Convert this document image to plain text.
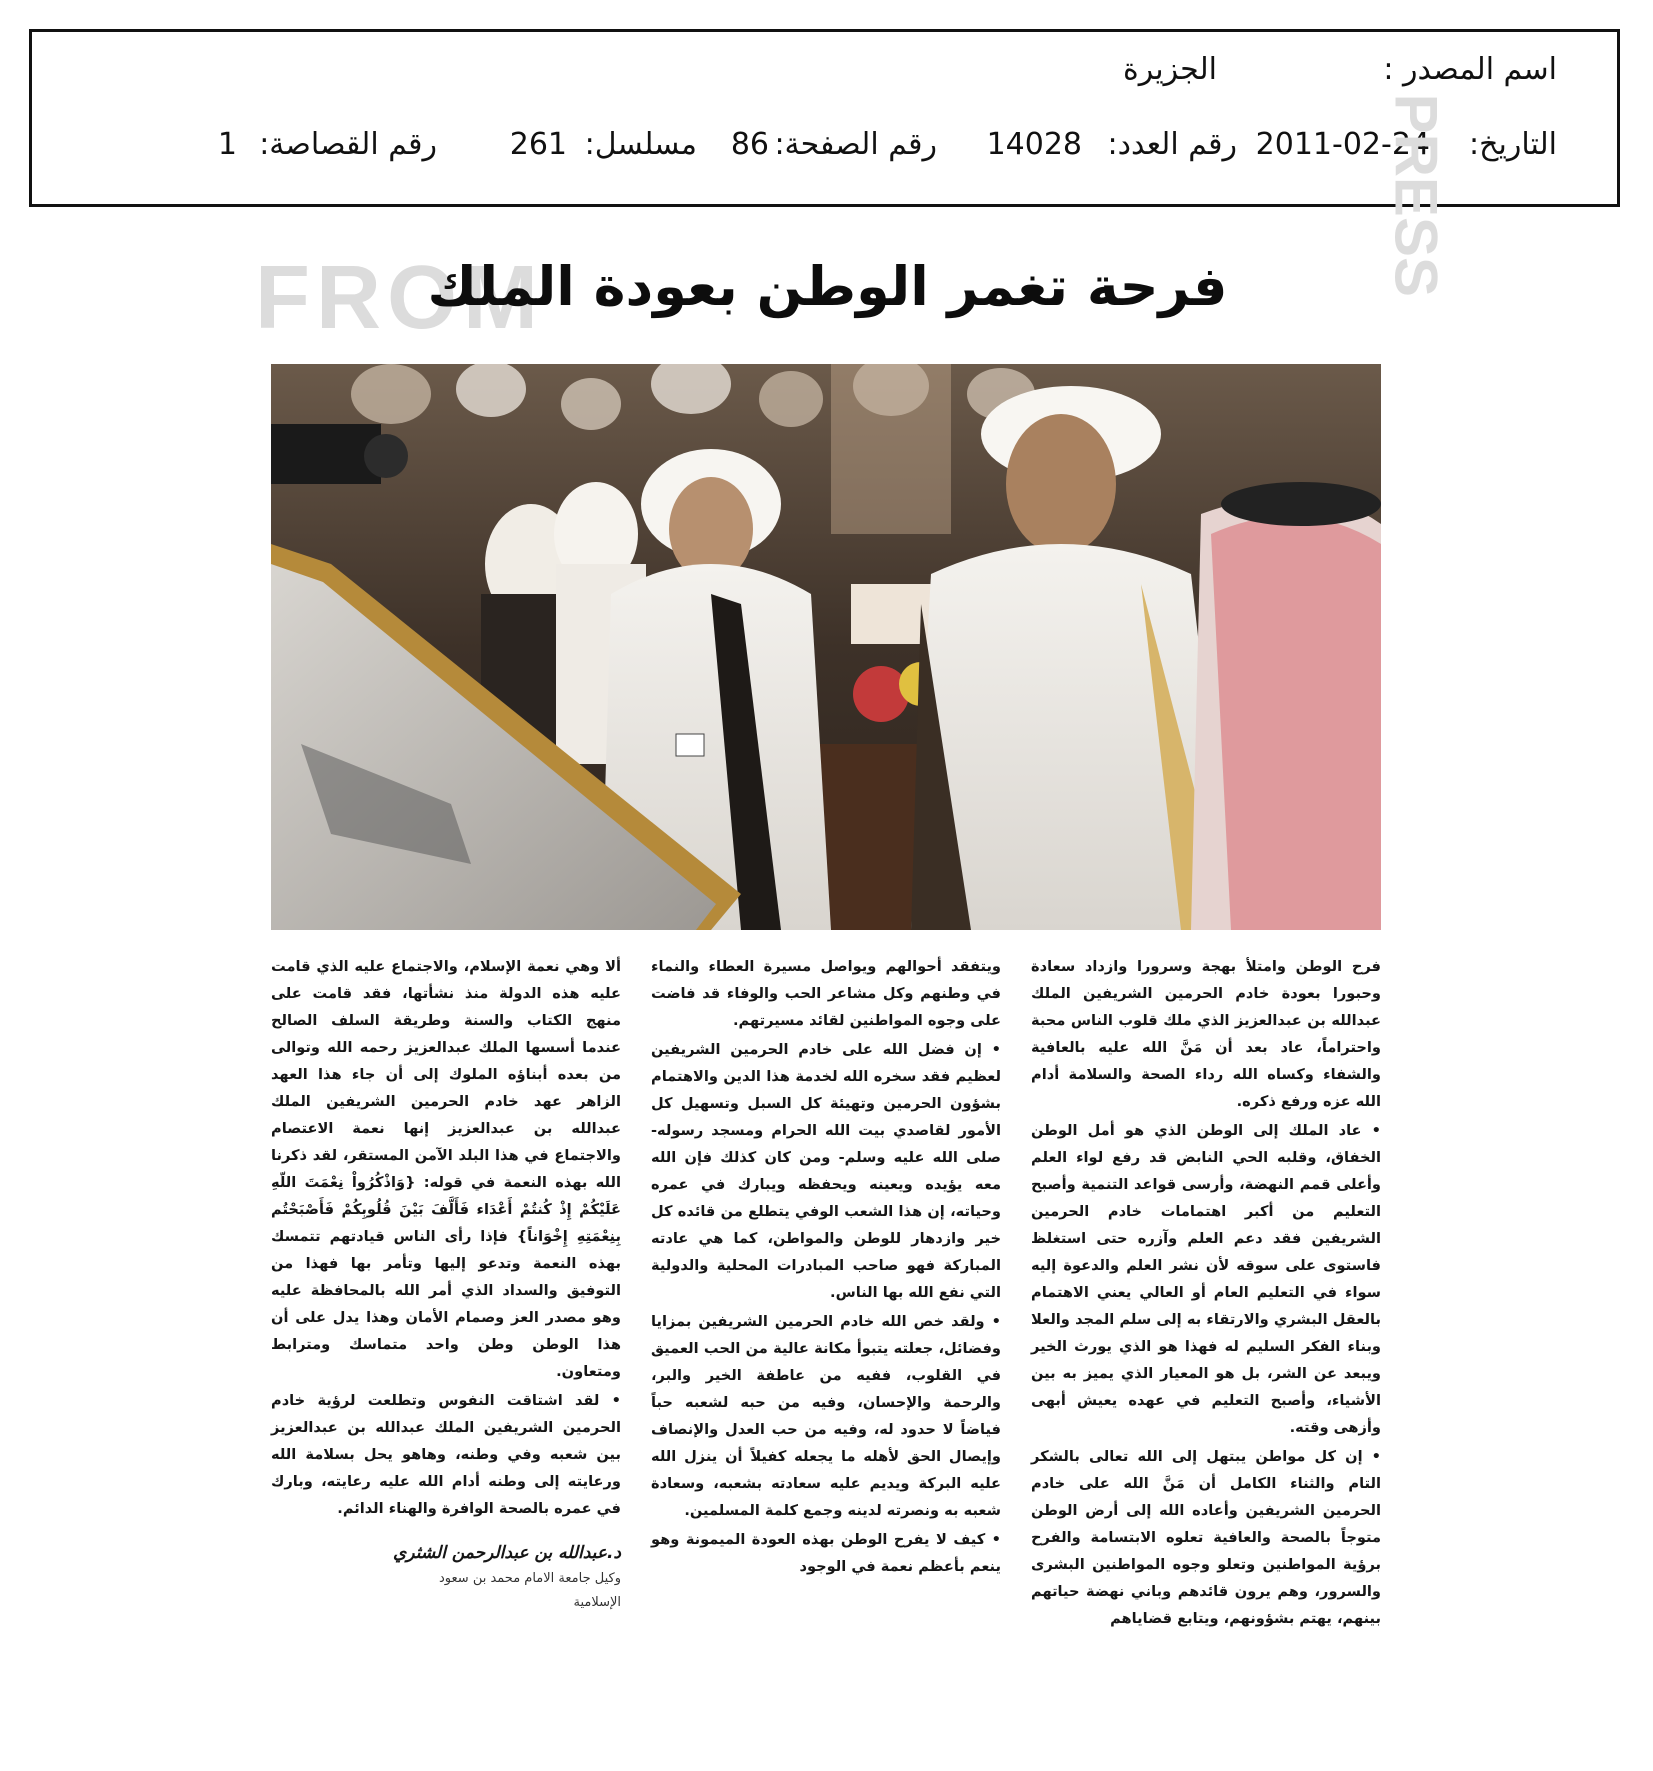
اسم المصدر :
الجزيرة
التاريخ:
2011-02-24
رقم العدد:
14028
رقم الصفحة:
86
مسلسل:
261
رقم القصاصة:
1
FROM
PRESS
فرحة تغمر الوطن بعودة الملك

فرح الوطن وامتلأ بهجة وسرورا وازداد سعادة وحبورا بعودة خادم الحرمين الشريفين الملك عبدالله بن عبدالعزيز الذي ملك قلوب الناس محبة واحتراماً، عاد بعد أن مَنَّ الله عليه بالعافية والشفاء وكساه الله رداء الصحة والسلامة أدام الله عزه ورفع ذكره.

• عاد الملك إلى الوطن الذي هو أمل الوطن الخفاق، وقلبه الحي النابض قد رفع لواء العلم وأعلى قمم النهضة، وأرسى قواعد التنمية وأصبح التعليم من أكبر اهتمامات خادم الحرمين الشريفين فقد دعم العلم وآزره حتى استغلظ فاستوى على سوقه لأن نشر العلم والدعوة إليه سواء في التعليم العام أو العالي يعني الاهتمام بالعقل البشري والارتقاء به إلى سلم المجد والعلا وبناء الفكر السليم له فهذا هو الذي يورث الخير ويبعد عن الشر، بل هو المعيار الذي يميز به بين الأشياء، وأصبح التعليم في عهده يعيش أبهى وأزهى وقته.

• إن كل مواطن يبتهل إلى الله تعالى بالشكر التام والثناء الكامل أن مَنَّ الله على خادم الحرمين الشريفين وأعاده الله إلى أرض الوطن متوجاً بالصحة والعافية تعلوه الابتسامة والفرح برؤية المواطنين وتعلو وجوه المواطنين البشرى والسرور، وهم يرون قائدهم وباني نهضة حياتهم بينهم، يهتم بشؤونهم، ويتابع قضاياهم

ويتفقد أحوالهم ويواصل مسيرة العطاء والنماء في وطنهم وكل مشاعر الحب والوفاء قد فاضت على وجوه المواطنين لقائد مسيرتهم.

• إن فضل الله على خادم الحرمين الشريفين لعظيم فقد سخره الله لخدمة هذا الدين والاهتمام بشؤون الحرمين وتهيئة كل السبل وتسهيل كل الأمور لقاصدي بيت الله الحرام ومسجد رسوله- صلى الله عليه وسلم- ومن كان كذلك فإن الله معه يؤيده ويعينه ويحفظه ويبارك في عمره وحياته، إن هذا الشعب الوفي يتطلع من قائده كل خير وازدهار للوطن والمواطن، كما هي عادته المباركة فهو صاحب المبادرات المحلية والدولية التي نفع الله بها الناس.

• ولقد خص الله خادم الحرمين الشريفين بمزايا وفضائل، جعلته يتبوأ مكانة عالية من الحب العميق في القلوب، ففيه من عاطفة الخير والبر، والرحمة والإحسان، وفيه من حبه لشعبه حباً فياضاً لا حدود له، وفيه من حب العدل والإنصاف وإيصال الحق لأهله ما يجعله كفيلاً أن ينزل الله عليه البركة ويديم عليه سعادته بشعبه، وسعادة شعبه به ونصرته لدينه وجمع كلمة المسلمين.

• كيف لا يفرح الوطن بهذه العودة الميمونة وهو ينعم بأعظم نعمة في الوجود

ألا وهي نعمة الإسلام، والاجتماع عليه الذي قامت عليه هذه الدولة منذ نشأتها، فقد قامت على منهج الكتاب والسنة وطريقة السلف الصالح عندما أسسها الملك عبدالعزيز رحمه الله وتوالى من بعده أبناؤه الملوك إلى أن جاء هذا العهد الزاهر عهد خادم الحرمين الشريفين الملك عبدالله بن عبدالعزيز إنها نعمة الاعتصام والاجتماع في هذا البلد الآمن المستقر، لقد ذكرنا الله بهذه النعمة في قوله: {وَاذْكُرُواْ نِعْمَتَ اللّهِ عَلَيْكُمْ إِذْ كُنتُمْ أَعْدَاء فَأَلَّفَ بَيْنَ قُلُوبِكُمْ فَأَصْبَحْتُم بِنِعْمَتِهِ إِخْوَاناً} فإذا رأى الناس قيادتهم تتمسك بهذه النعمة وتدعو إليها وتأمر بها فهذا من التوفيق والسداد الذي أمر الله بالمحافظة عليه وهو مصدر العز وصمام الأمان وهذا يدل على أن هذا الوطن وطن واحد متماسك ومترابط ومتعاون.

• لقد اشتاقت النفوس وتطلعت لرؤية خادم الحرمين الشريفين الملك عبدالله بن عبدالعزيز بين شعبه وفي وطنه، وهاهو يحل بسلامة الله ورعايته إلى وطنه أدام الله عليه رعايته، وبارك في عمره بالصحة الوافرة والهناء الدائم.

د.عبدالله بن عبدالرحمن الشثري
وكيل جامعة الامام محمد بن سعود
الإسلامية
